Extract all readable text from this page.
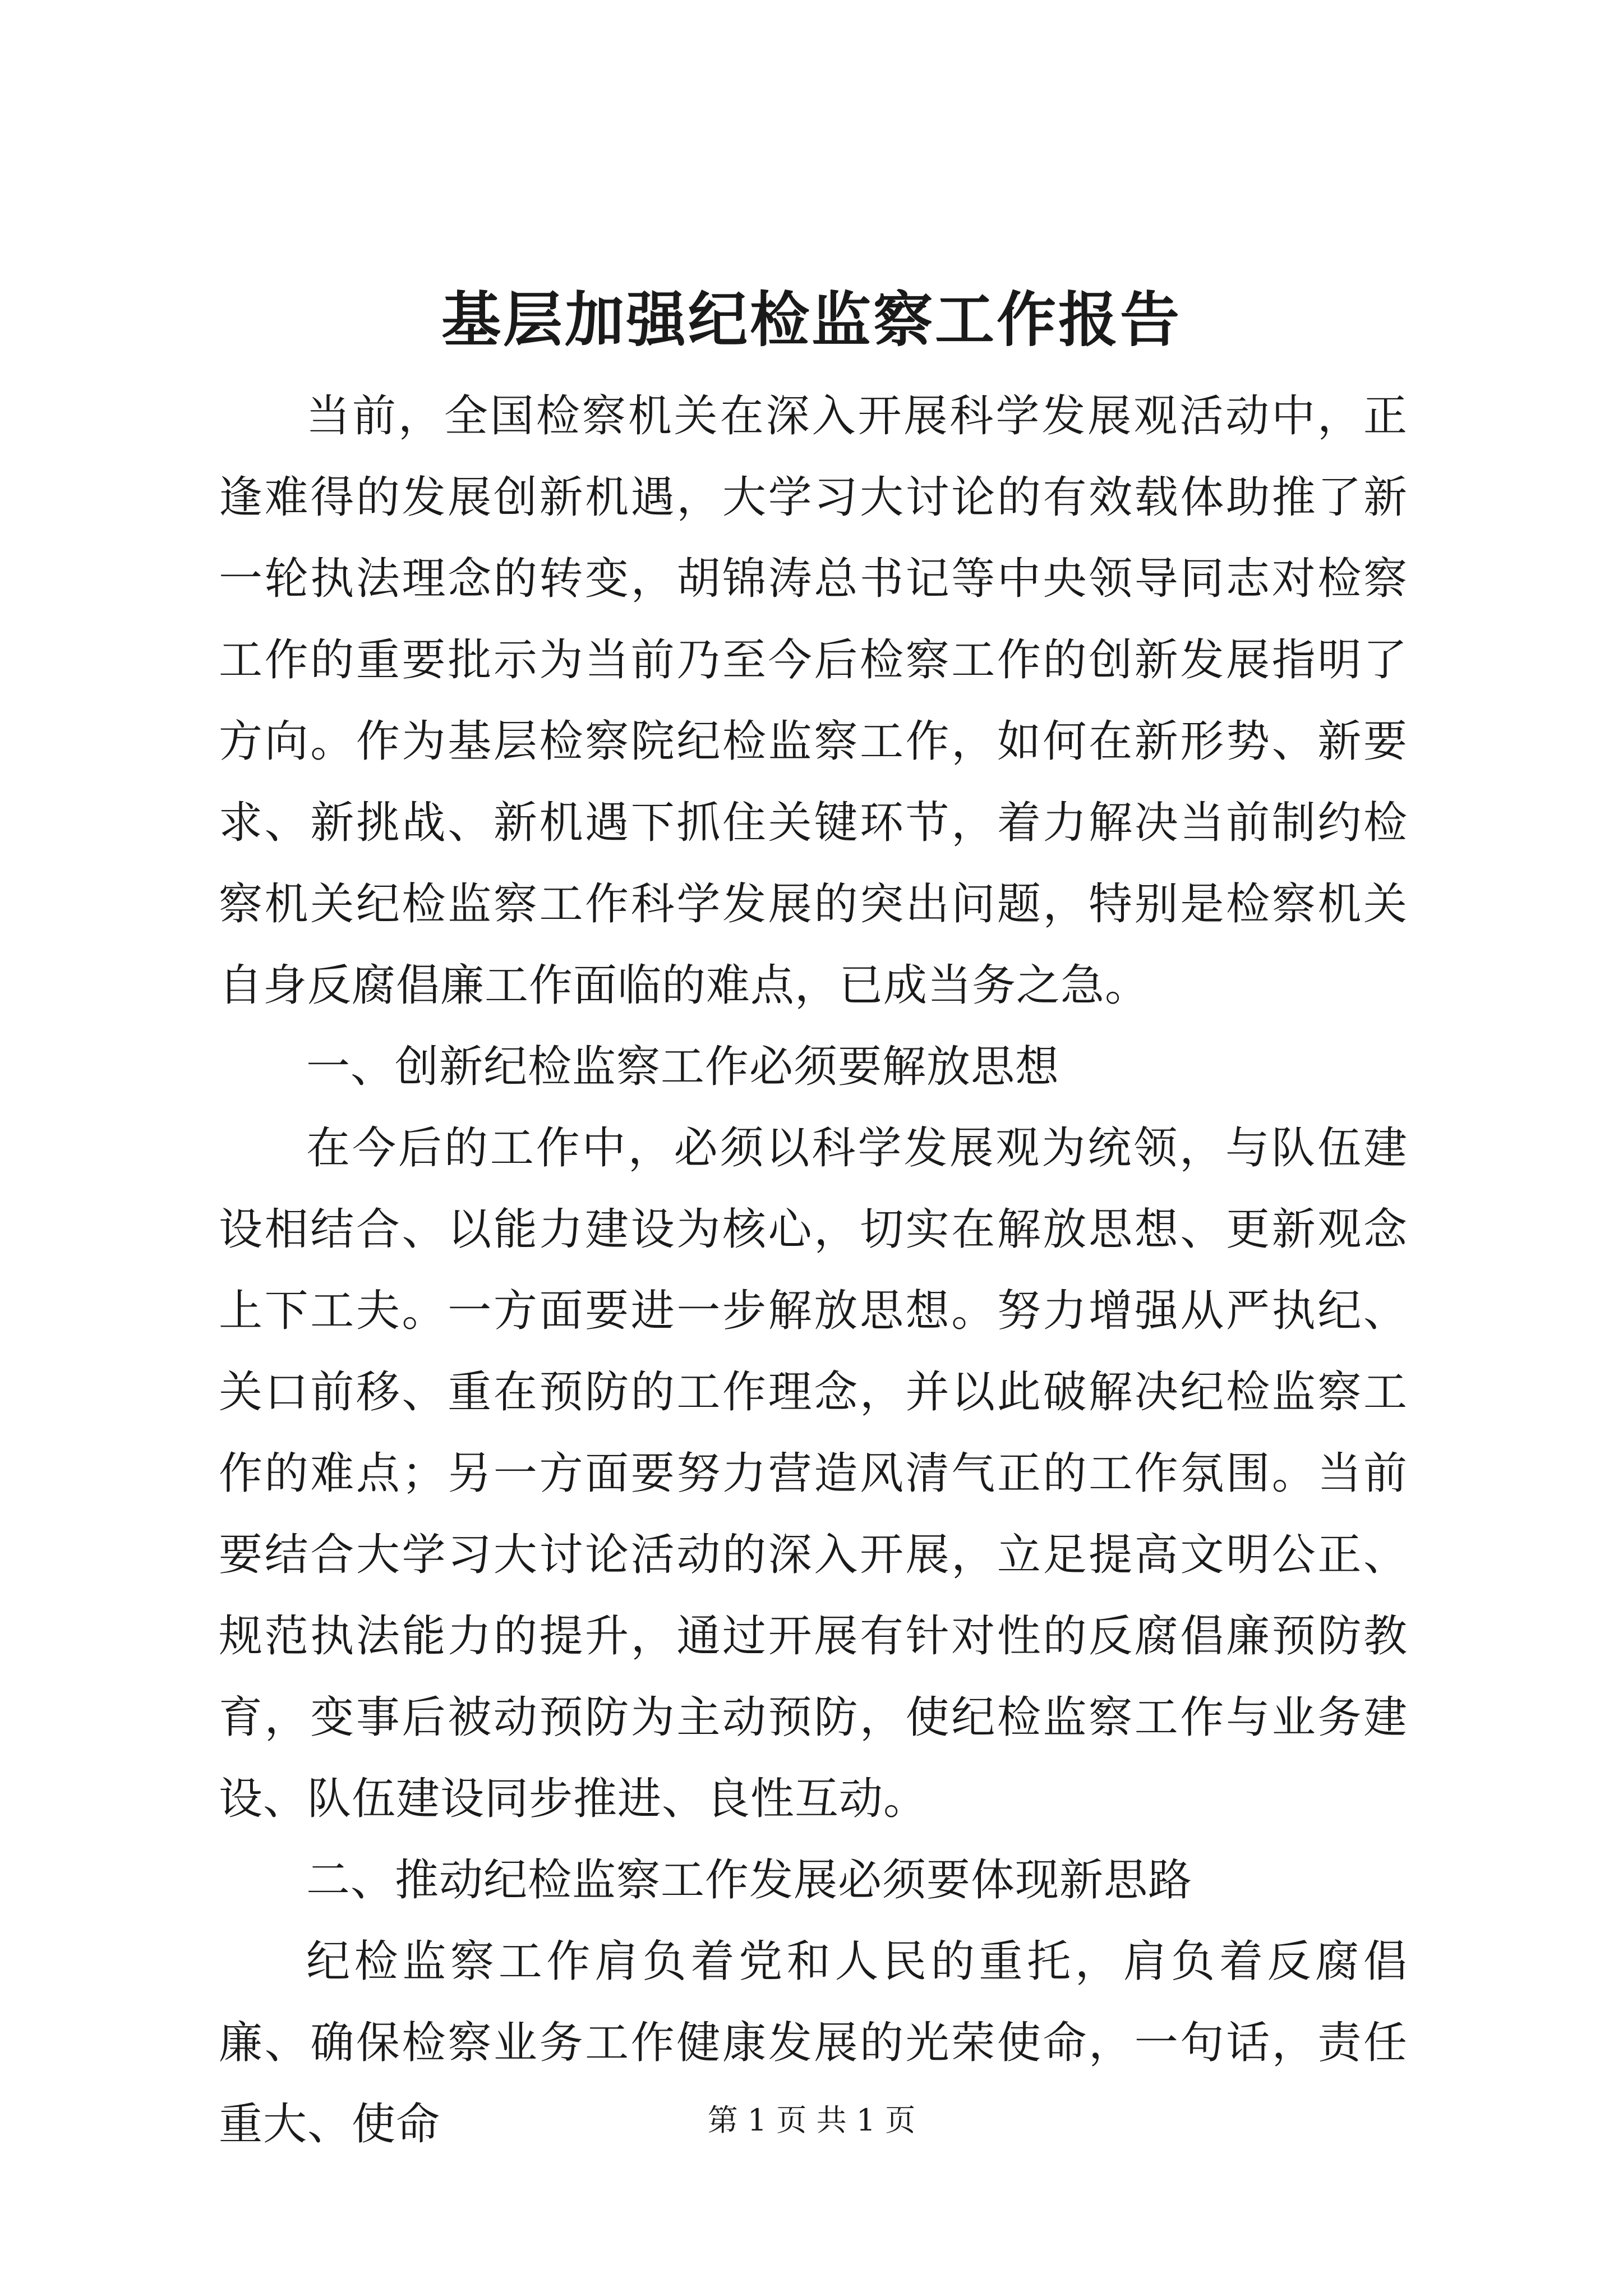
基层加强纪检监察工作报告

当前，全国检察机关在深入开展科学发展观活动中，正逢难得的发展创新机遇，大学习大讨论的有效载体助推了新一轮执法理念的转变，胡锦涛总书记等中央领导同志对检察工作的重要批示为当前乃至今后检察工作的创新发展指明了方向。作为基层检察院纪检监察工作，如何在新形势、新要求、新挑战、新机遇下抓住关键环节，着力解决当前制约检察机关纪检监察工作科学发展的突出问题，特别是检察机关自身反腐倡廉工作面临的难点，已成当务之急。

一、创新纪检监察工作必须要解放思想

在今后的工作中，必须以科学发展观为统领，与队伍建设相结合、以能力建设为核心，切实在解放思想、更新观念上下工夫。一方面要进一步解放思想。努力增强从严执纪、关口前移、重在预防的工作理念，并以此破解决纪检监察工作的难点；另一方面要努力营造风清气正的工作氛围。当前要结合大学习大讨论活动的深入开展，立足提高文明公正、规范执法能力的提升，通过开展有针对性的反腐倡廉预防教育，变事后被动预防为主动预防，使纪检监察工作与业务建设、队伍建设同步推进、良性互动。

二、推动纪检监察工作发展必须要体现新思路

纪检监察工作肩负着党和人民的重托，肩负着反腐倡廉、确保检察业务工作健康发展的光荣使命，一句话，责任重大、使命	第 1 页 共 1 页
